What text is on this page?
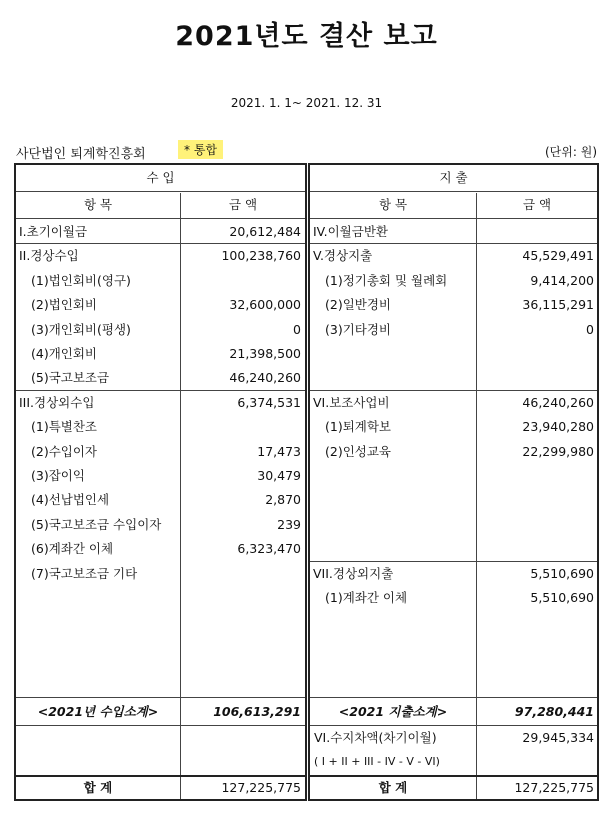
2021년도 결산 보고
2021. 1. 1~ 2021. 12. 31
사단법인 퇴계학진흥회	* 통합	(단위: 원)
수 입
항 목	금 액
I.초기이월금	20,612,484
II.경상수입	100,238,760
(1)법인회비(영구)
(2)법인회비	32,600,000
(3)개인회비(평생)	0
(4)개인회비	21,398,500
(5)국고보조금	46,240,260
III.경상외수입	6,374,531
(1)특별찬조
(2)수입이자	17,473
(3)잡이익	30,479
(4)선납법인세	2,870
(5)국고보조금 수입이자	239
(6)계좌간 이체	6,323,470
(7)국고보조금 기타
<2021년 수입소계>	106,613,291
합 계	127,225,775
지 출
항 목	금 액
IV.이월금반환
V.경상지출	45,529,491
(1)정기총회 및 월례회	9,414,200
(2)일반경비	36,115,291
(3)기타경비	0
VI.보조사업비	46,240,260
(1)퇴계학보	23,940,280
(2)인성교육	22,299,980
VII.경상외지출	5,510,690
(1)계좌간 이체	5,510,690
<2021 지출소계>	97,280,441
VI.수지차액(차기이월)	29,945,334
( I + II + III - IV - V - VI)
합 계	127,225,775
